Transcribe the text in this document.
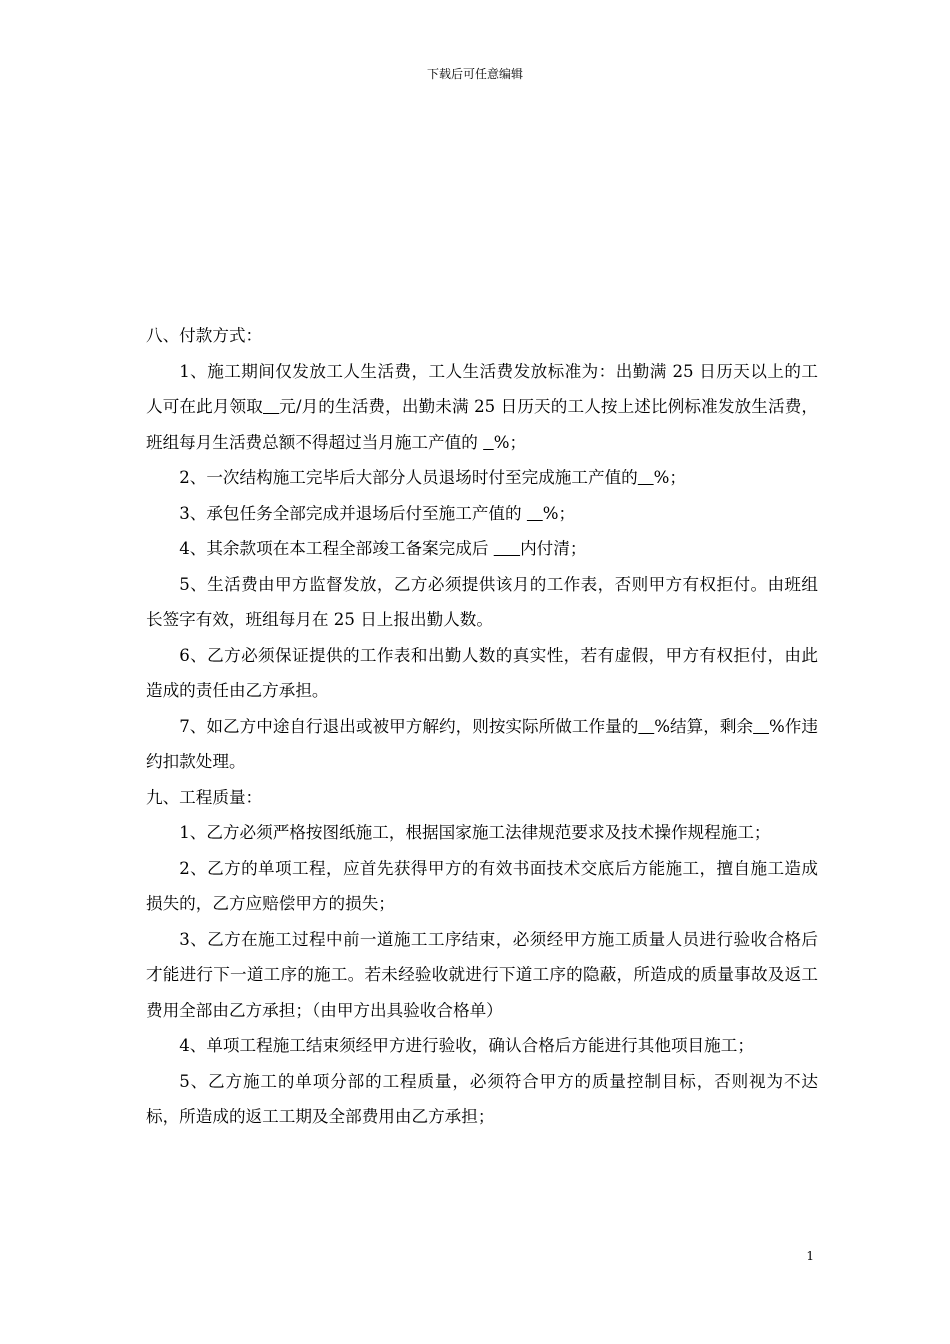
下载后可任意编辑

八、付款方式：

1、施工期间仅发放工人生活费，工人生活费发放标准为：出勤满 25 日历天以上的工人可在此月领取 元/月的生活费，出勤未满 25 日历天的工人按上述比例标准发放生活费，班组每月生活费总额不得超过当月施工产值的   %；

2、一次结构施工完毕后大部分人员退场时付至完成施工产值的 %；

3、承包任务全部完成并退场后付至施工产值的    %；

4、其余款项在本工程全部竣工备案完成后      内付清；

5、生活费由甲方监督发放，乙方必须提供该月的工作表，否则甲方有权拒付。由班组长签字有效，班组每月在 25 日上报出勤人数。

6、乙方必须保证提供的工作表和出勤人数的真实性，若有虚假，甲方有权拒付，由此造成的责任由乙方承担。

7、如乙方中途自行退出或被甲方解约，则按实际所做工作量的 %结算，剩余 %作违约扣款处理。

九、工程质量：

1、乙方必须严格按图纸施工，根据国家施工法律规范要求及技术操作规程施工；

2、乙方的单项工程，应首先获得甲方的有效书面技术交底后方能施工，擅自施工造成损失的，乙方应赔偿甲方的损失；

3、乙方在施工过程中前一道施工工序结束，必须经甲方施工质量人员进行验收合格后才能进行下一道工序的施工。若未经验收就进行下道工序的隐蔽，所造成的质量事故及返工费用全部由乙方承担；（由甲方出具验收合格单）

4、单项工程施工结束须经甲方进行验收，确认合格后方能进行其他项目施工；

5、乙方施工的单项分部的工程质量，必须符合甲方的质量控制目标，否则视为不达标，所造成的返工工期及全部费用由乙方承担；

1
